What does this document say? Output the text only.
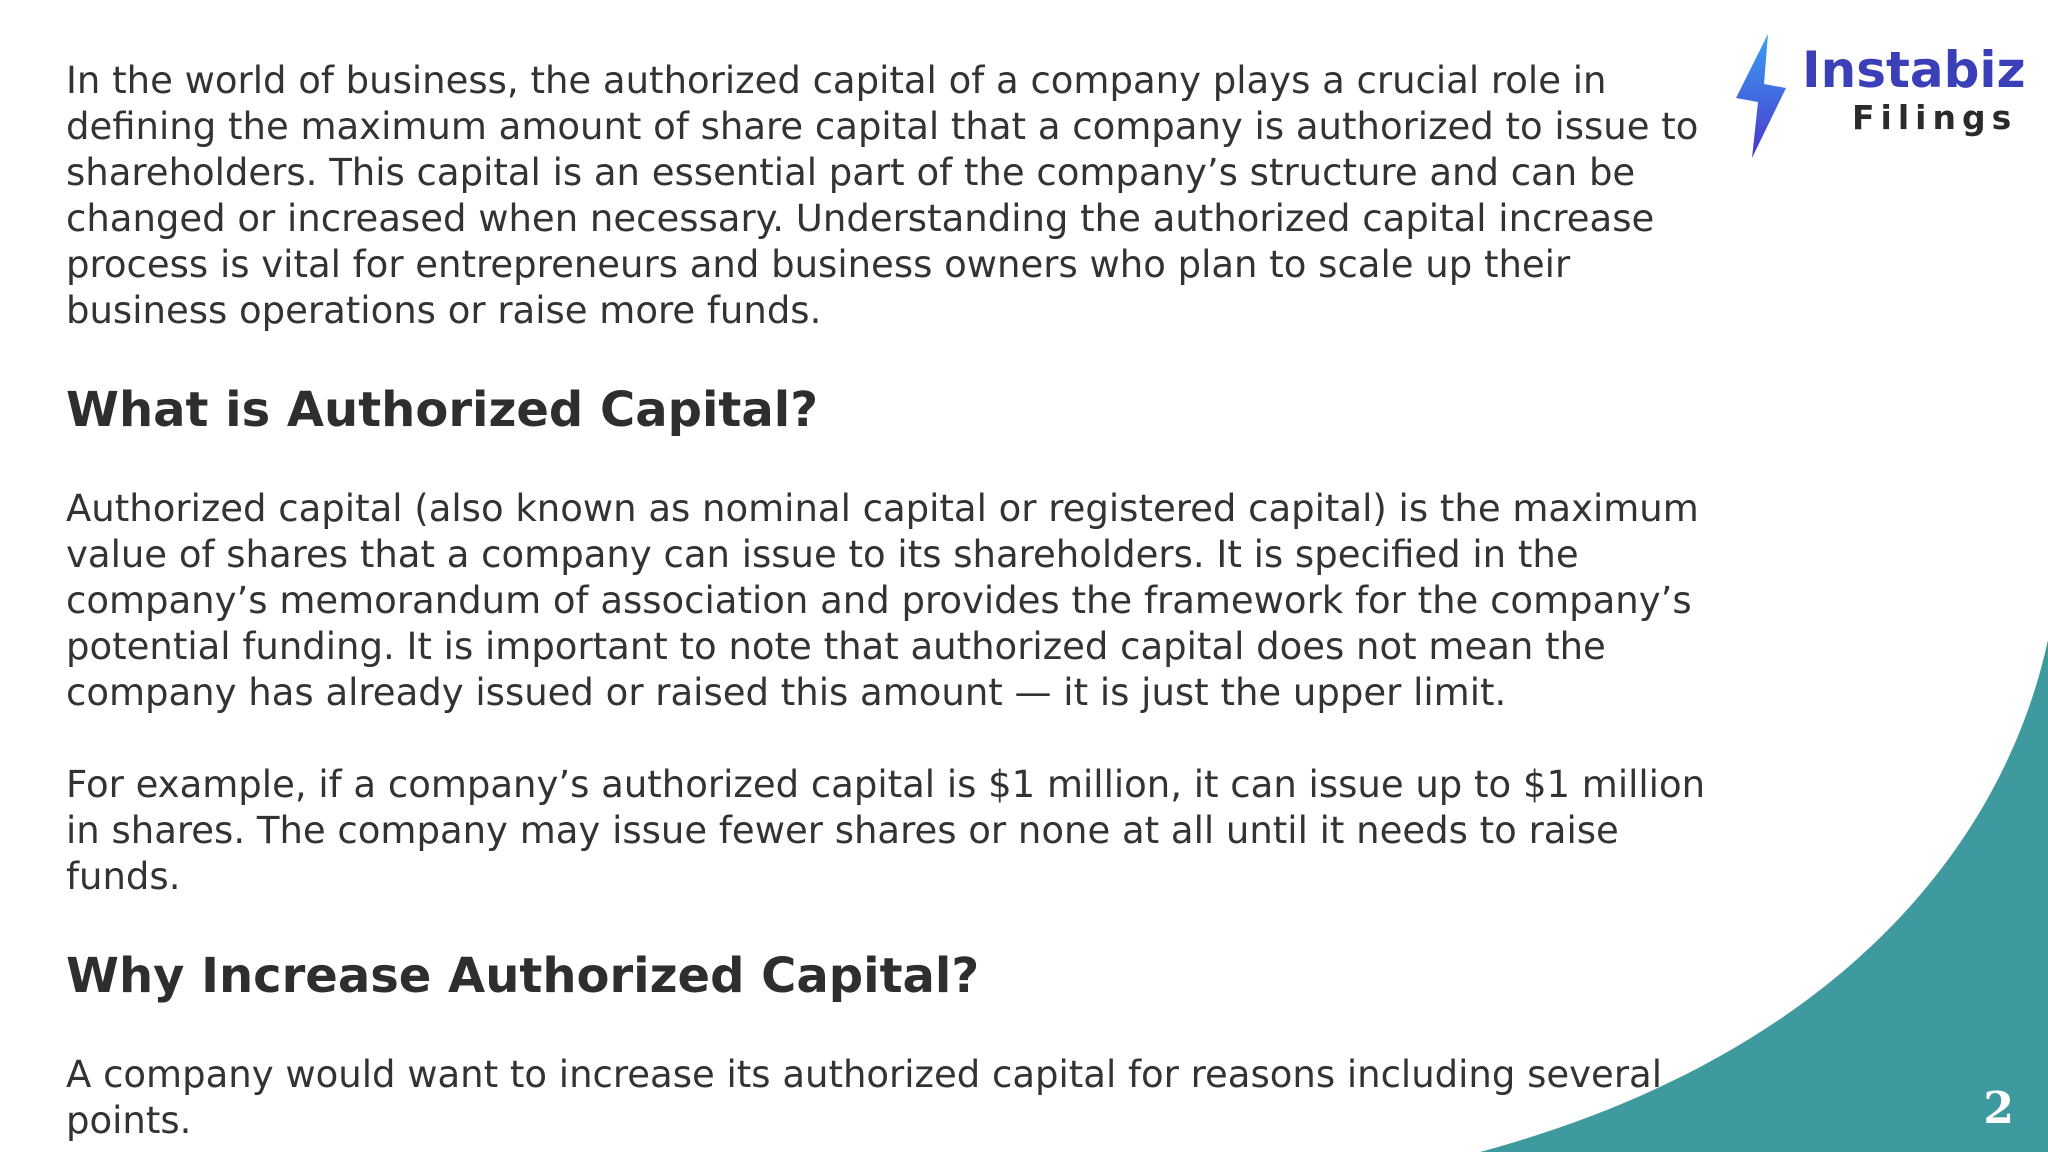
In the world of business, the authorized capital of a company plays a crucial role in defining the maximum amount of share capital that a company is authorized to issue to shareholders. This capital is an essential part of the company’s structure and can be changed or increased when necessary. Understanding the authorized capital increase process is vital for entrepreneurs and business owners who plan to scale up their business operations or raise more funds.

What is Authorized Capital?

Authorized capital (also known as nominal capital or registered capital) is the maximum value of shares that a company can issue to its shareholders. It is specified in the company’s memorandum of association and provides the framework for the company’s potential funding. It is important to note that authorized capital does not mean the company has already issued or raised this amount — it is just the upper limit.

For example, if a company’s authorized capital is $1 million, it can issue up to $1 million in shares. The company may issue fewer shares or none at all until it needs to raise funds.

Why Increase Authorized Capital?

A company would want to increase its authorized capital for reasons including several points.

Instabiz
Filings
2
